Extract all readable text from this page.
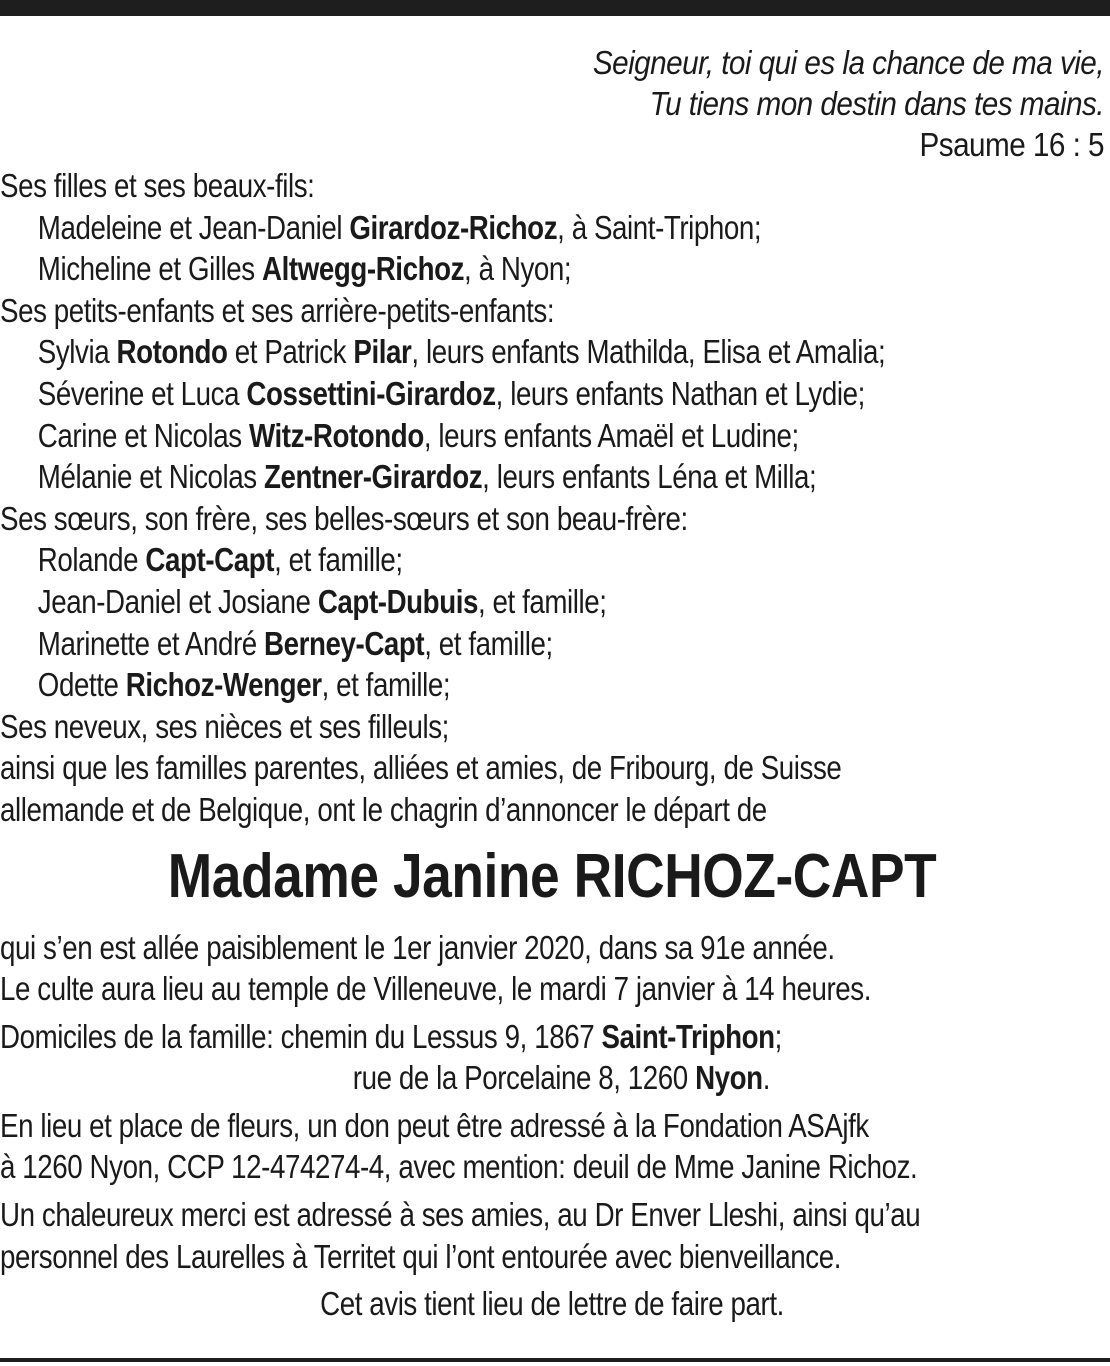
Seigneur, toi qui es la chance de ma vie,
Tu tiens mon destin dans tes mains.
Psaume 16 : 5
Ses filles et ses beaux-fils:
Madeleine et Jean-Daniel Girardoz-Richoz, à Saint-Triphon;
Micheline et Gilles Altwegg-Richoz, à Nyon;
Ses petits-enfants et ses arrière-petits-enfants:
Sylvia Rotondo et Patrick Pilar, leurs enfants Mathilda, Elisa et Amalia;
Séverine et Luca Cossettini-Girardoz, leurs enfants Nathan et Lydie;
Carine et Nicolas Witz-Rotondo, leurs enfants Amaël et Ludine;
Mélanie et Nicolas Zentner-Girardoz, leurs enfants Léna et Milla;
Ses sœurs, son frère, ses belles-sœurs et son beau-frère:
Rolande Capt-Capt, et famille;
Jean-Daniel et Josiane Capt-Dubuis, et famille;
Marinette et André Berney-Capt, et famille;
Odette Richoz-Wenger, et famille;
Ses neveux, ses nièces et ses filleuls;
ainsi que les familles parentes, alliées et amies, de Fribourg, de Suisse
allemande et de Belgique, ont le chagrin d’annoncer le départ de
Madame Janine RICHOZ-CAPT
qui s’en est allée paisiblement le 1er janvier 2020, dans sa 91e année.
Le culte aura lieu au temple de Villeneuve, le mardi 7 janvier à 14 heures.
Domiciles de la famille: chemin du Lessus 9, 1867 Saint-Triphon;
rue de la Porcelaine 8, 1260 Nyon.
En lieu et place de fleurs, un don peut être adressé à la Fondation ASAjfk
à 1260 Nyon, CCP 12-474274-4, avec mention: deuil de Mme Janine Richoz.
Un chaleureux merci est adressé à ses amies, au Dr Enver Lleshi, ainsi qu’au
personnel des Laurelles à Territet qui l’ont entourée avec bienveillance.
Cet avis tient lieu de lettre de faire part.
